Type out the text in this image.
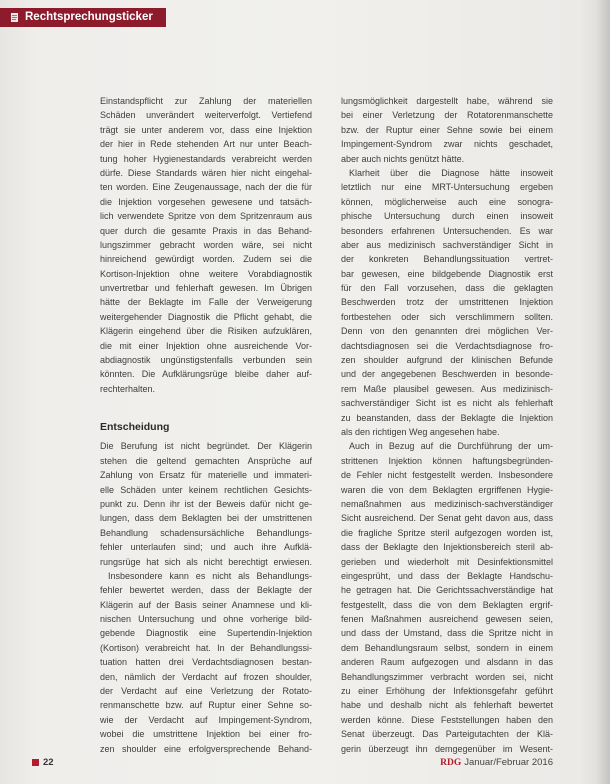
Rechtsprechungsticker
Einstandspflicht zur Zahlung der materiellen
Schäden unverändert weiterverfolgt. Vertiefend
trägt sie unter anderem vor, dass eine Injektion
der hier in Rede stehenden Art nur unter Beach-
tung hoher Hygienestandards verabreicht werden
dürfe. Diese Standards wären hier nicht eingehal-
ten worden. Eine Zeugenaussage, nach der die für
die Injektion vorgesehen gewesene und tatsäch-
lich verwendete Spritze von dem Spritzenraum aus
quer durch die gesamte Praxis in das Behand-
lungszimmer gebracht worden wäre, sei nicht
hinreichend gewürdigt worden. Zudem sei die
Kortison-Injektion ohne weitere Vorabdiagnostik
unvertretbar und fehlerhaft gewesen. Im Übrigen
hätte der Beklagte im Falle der Verweigerung
weitergehender Diagnostik die Pflicht gehabt, die
Klägerin eingehend über die Risiken aufzuklären,
die mit einer Injektion ohne ausreichende Vor-
abdiagnostik ungünstigstenfalls verbunden sein
könnten. Die Aufklärungsrüge bleibe daher auf-
rechterhalten.
Entscheidung
Die Berufung ist nicht begründet. Der Klägerin
stehen die geltend gemachten Ansprüche auf
Zahlung von Ersatz für materielle und immateri-
elle Schäden unter keinem rechtlichen Gesichts-
punkt zu. Denn ihr ist der Beweis dafür nicht ge-
lungen, dass dem Beklagten bei der umstrittenen
Behandlung schadensursächliche Behandlungs-
fehler unterlaufen sind; und auch ihre Aufklä-
rungsrüge hat sich als nicht berechtigt erwiesen.
Insbesondere kann es nicht als Behandlungs-
fehler bewertet werden, dass der Beklagte der
Klägerin auf der Basis seiner Anamnese und kli-
nischen Untersuchung und ohne vorherige bild-
gebende Diagnostik eine Supertendin-Injektion
(Kortison) verabreicht hat. In der Behandlungssi-
tuation hatten drei Verdachtsdiagnosen bestan-
den, nämlich der Verdacht auf frozen shoulder,
der Verdacht auf eine Verletzung der Rotato-
renmanschette bzw. auf Ruptur einer Sehne so-
wie der Verdacht auf Impingement-Syndrom,
wobei die umstrittene Injektion bei einer fro-
zen shoulder eine erfolgversprechende Behand-
lungsmöglichkeit dargestellt habe, während sie
bei einer Verletzung der Rotatorenmanschette
bzw. der Ruptur einer Sehne sowie bei einem
Impingement-Syndrom zwar nichts geschadet,
aber auch nichts genützt hätte.
Klarheit über die Diagnose hätte insoweit
letztlich nur eine MRT-Untersuchung ergeben
können, möglicherweise auch eine sonogra-
phische Untersuchung durch einen insoweit
besonders erfahrenen Untersuchenden. Es war
aber aus medizinisch sachverständiger Sicht in
der konkreten Behandlungssituation vertret-
bar gewesen, eine bildgebende Diagnostik erst
für den Fall vorzusehen, dass die geklagten
Beschwerden trotz der umstrittenen Injektion
fortbestehen oder sich verschlimmern sollten.
Denn von den genannten drei möglichen Ver-
dachtsdiagnosen sei die Verdachtsdiagnose fro-
zen shoulder aufgrund der klinischen Befunde
und der angegebenen Beschwerden in besonde-
rem Maße plausibel gewesen. Aus medizinisch-
sachverständiger Sicht ist es nicht als fehlerhaft
zu beanstanden, dass der Beklagte die Injektion
als den richtigen Weg angesehen habe.
Auch in Bezug auf die Durchführung der um-
strittenen Injektion können haftungsbegründen-
de Fehler nicht festgestellt werden. Insbesondere
waren die von dem Beklagten ergriffenen Hygie-
nemaßnahmen aus medizinisch-sachverständiger
Sicht ausreichend. Der Senat geht davon aus, dass
die fragliche Spritze steril aufgezogen worden ist,
dass der Beklagte den Injektionsbereich steril ab-
gerieben und wiederholt mit Desinfektionsmittel
eingesprüht, und dass der Beklagte Handschu-
he getragen hat. Die Gerichtssachverständige hat
festgestellt, dass die von dem Beklagten ergrif-
fenen Maßnahmen ausreichend gewesen seien,
und dass der Umstand, dass die Spritze nicht in
dem Behandlungsraum selbst, sondern in einem
anderen Raum aufgezogen und alsdann in das
Behandlungszimmer verbracht worden sei, nicht
zu einer Erhöhung der Infektionsgefahr geführt
habe und deshalb nicht als fehlerhaft bewertet
werden könne. Diese Feststellungen haben den
Senat überzeugt. Das Parteigutachten der Klä-
gerin überzeugt ihn demgegenüber im Wesent-
22	RDG Januar/Februar 2016
